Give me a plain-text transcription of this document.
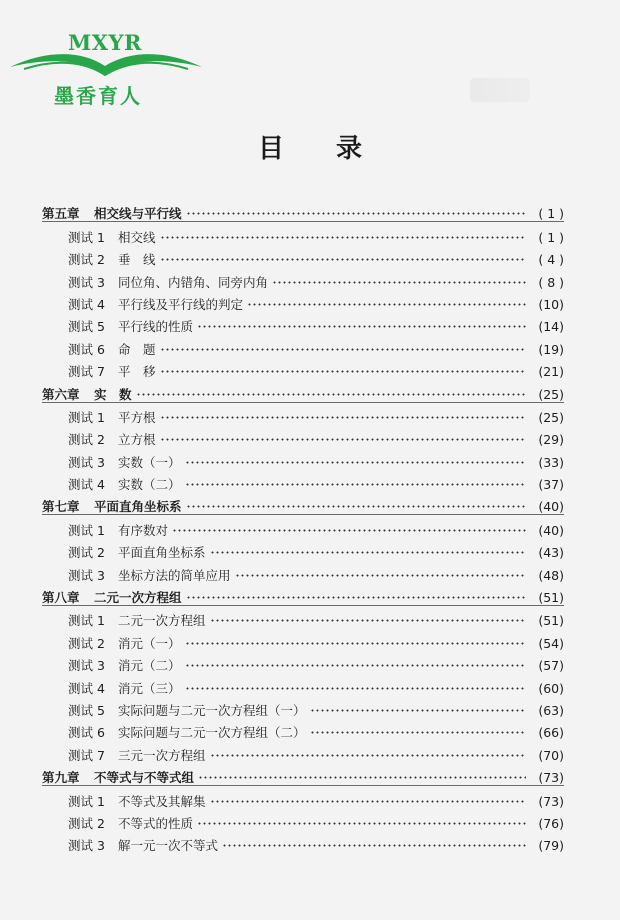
MXYR
墨香育人
目录
第五章	相交线与平行线	( 1 )
测试 1	相交线	( 1 )
测试 2	垂　线	( 4 )
测试 3	同位角、内错角、同旁内角	( 8 )
测试 4	平行线及平行线的判定	(10)
测试 5	平行线的性质	(14)
测试 6	命　题	(19)
测试 7	平　移	(21)
第六章	实　数	(25)
测试 1	平方根	(25)
测试 2	立方根	(29)
测试 3	实数（一）	(33)
测试 4	实数（二）	(37)
第七章	平面直角坐标系	(40)
测试 1	有序数对	(40)
测试 2	平面直角坐标系	(43)
测试 3	坐标方法的简单应用	(48)
第八章	二元一次方程组	(51)
测试 1	二元一次方程组	(51)
测试 2	消元（一）	(54)
测试 3	消元（二）	(57)
测试 4	消元（三）	(60)
测试 5	实际问题与二元一次方程组（一）	(63)
测试 6	实际问题与二元一次方程组（二）	(66)
测试 7	三元一次方程组	(70)
第九章	不等式与不等式组	(73)
测试 1	不等式及其解集	(73)
测试 2	不等式的性质	(76)
测试 3	解一元一次不等式	(79)
